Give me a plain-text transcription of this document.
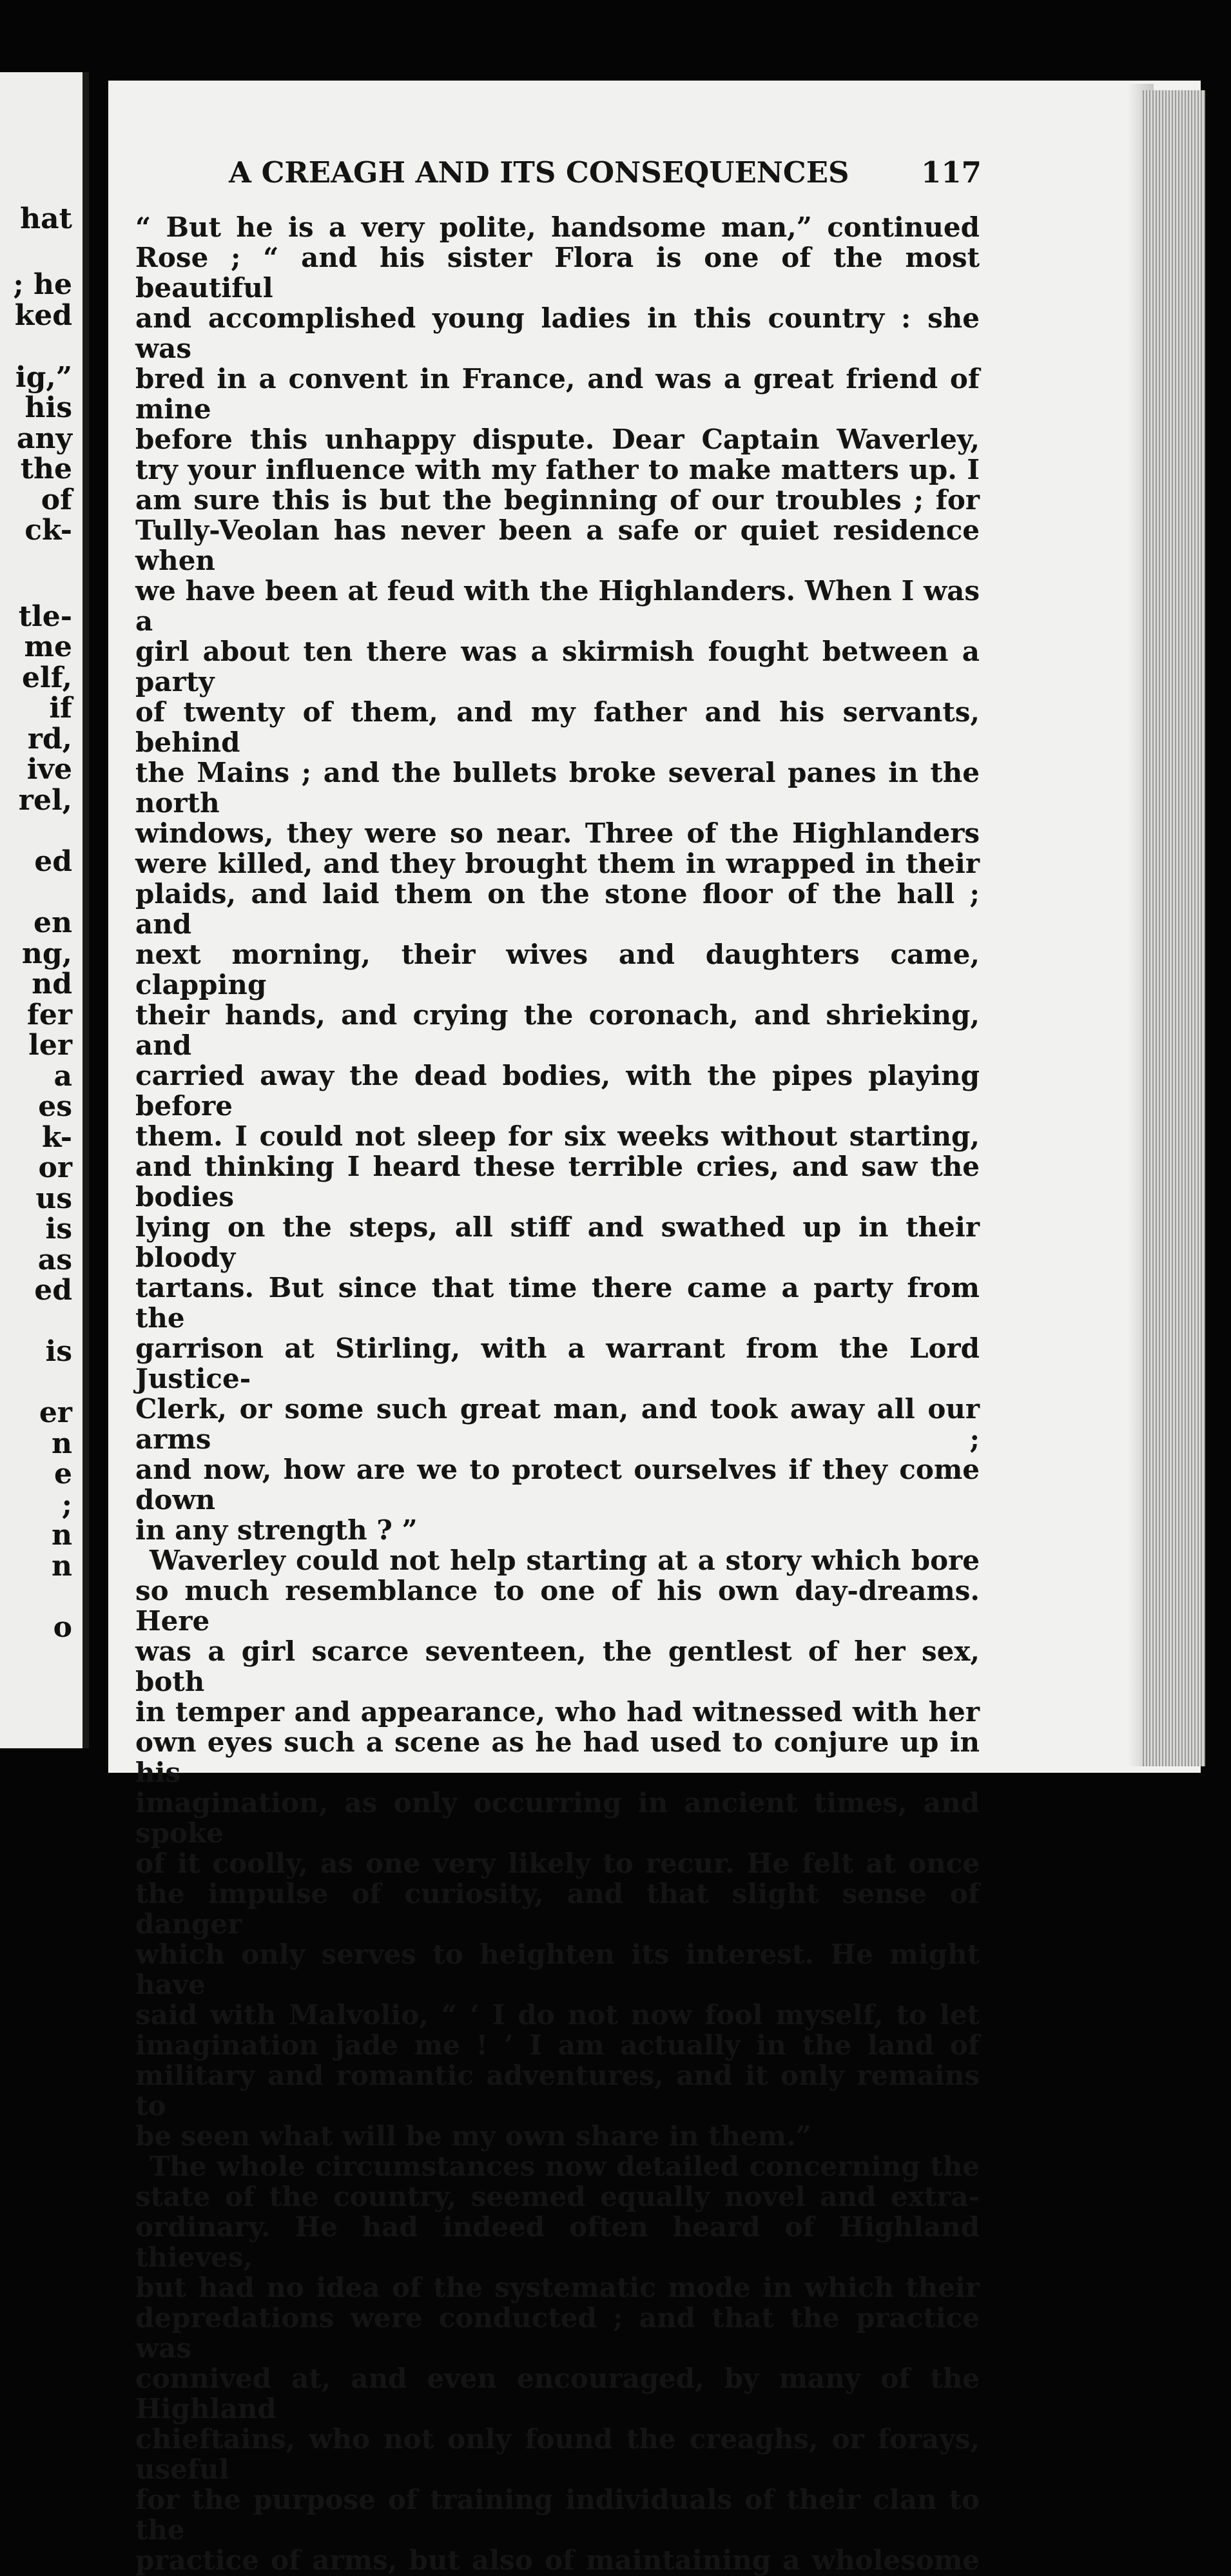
hat

; he

ked

ig,”

his

any

the

of

ck-

tle-

me

elf,

if

rd,

ive

rel,

ed

en

ng,

nd

fer

ler

a

es

k-

or

us

is

as

ed

is

er

n

e

;

n

n

o

A CREAGH AND ITS CONSEQUENCES 117

“ But he is a very polite, handsome man,” continued

Rose ; “ and his sister Flora is one of the most beautiful

and accomplished young ladies in this country : she was

bred in a convent in France, and was a great friend of mine

before this unhappy dispute. Dear Captain Waverley,

try your influence with my father to make matters up. I

am sure this is but the beginning of our troubles ; for

Tully-Veolan has never been a safe or quiet residence when

we have been at feud with the Highlanders. When I was a

girl about ten there was a skirmish fought between a party

of twenty of them, and my father and his servants, behind

the Mains ; and the bullets broke several panes in the north

windows, they were so near. Three of the Highlanders

were killed, and they brought them in wrapped in their

plaids, and laid them on the stone floor of the hall ; and

next morning, their wives and daughters came, clapping

their hands, and crying the coronach, and shrieking, and

carried away the dead bodies, with the pipes playing before

them. I could not sleep for six weeks without starting,

and thinking I heard these terrible cries, and saw the bodies

lying on the steps, all stiff and swathed up in their bloody

tartans. But since that time there came a party from the

garrison at Stirling, with a warrant from the Lord Justice-

Clerk, or some such great man, and took away all our arms ;

and now, how are we to protect ourselves if they come down

in any strength ? ”

Waverley could not help starting at a story which bore

so much resemblance to one of his own day-dreams. Here

was a girl scarce seventeen, the gentlest of her sex, both

in temper and appearance, who had witnessed with her

own eyes such a scene as he had used to conjure up in his

imagination, as only occurring in ancient times, and spoke

of it coolly, as one very likely to recur. He felt at once

the impulse of curiosity, and that slight sense of danger

which only serves to heighten its interest. He might have

said with Malvolio, “ ‘ I do not now fool myself, to let

imagination jade me ! ’ I am actually in the land of

military and romantic adventures, and it only remains to

be seen what will be my own share in them.”

The whole circumstances now detailed concerning the

state of the country, seemed equally novel and extra-

ordinary. He had indeed often heard of Highland thieves,

but had no idea of the systematic mode in which their

depredations were conducted ; and that the practice was

connived at, and even encouraged, by many of the Highland

chieftains, who not only found the creaghs, or forays, useful

for the purpose of training individuals of their clan to the

practice of arms, but also of maintaining a wholesome
